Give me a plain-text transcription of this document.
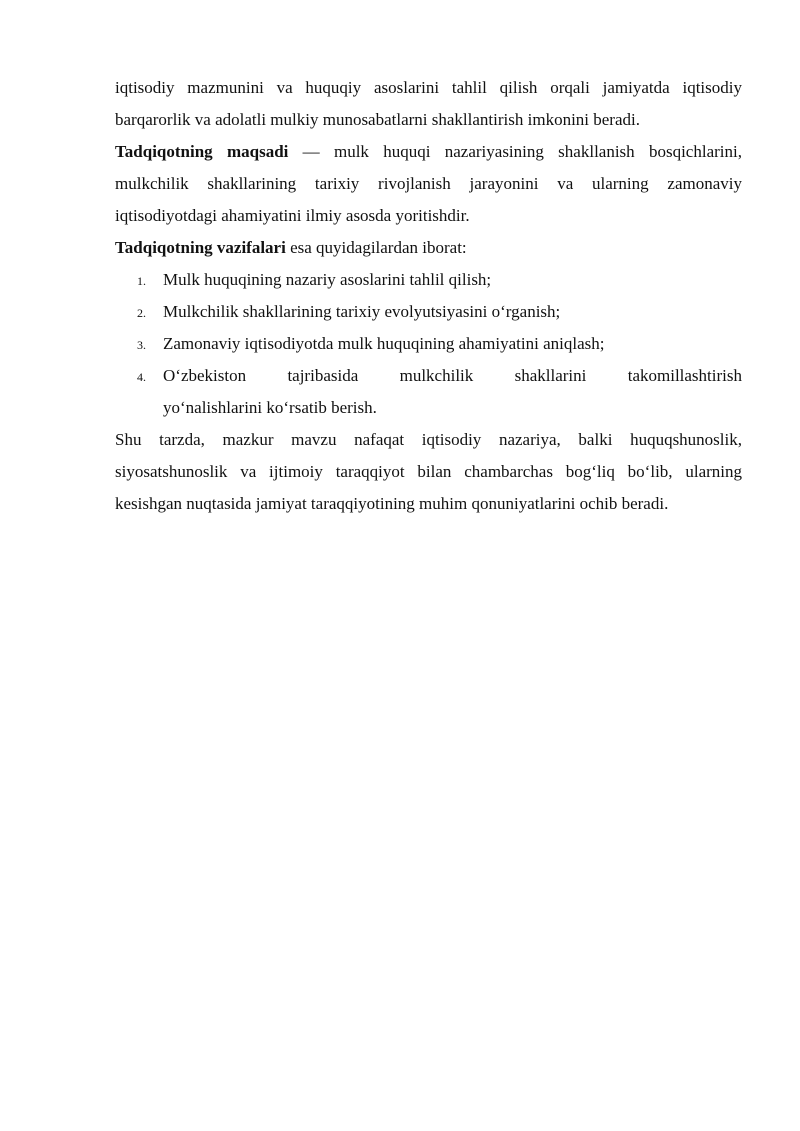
iqtisodiy mazmunini va huquqiy asoslarini tahlil qilish orqali jamiyatda iqtisodiy barqarorlik va adolatli mulkiy munosabatlarni shakllantirish imkonini beradi.

Tadqiqotning maqsadi — mulk huquqi nazariyasining shakllanish bosqichlarini, mulkchilik shakllarining tarixiy rivojlanish jarayonini va ularning zamonaviy iqtisodiyotdagi ahamiyatini ilmiy asosda yoritishdir.

Tadqiqotning vazifalari esa quyidagilardan iborat:

1. Mulk huquqining nazariy asoslarini tahlil qilish;
2. Mulkchilik shakllarining tarixiy evolyutsiyasini o‘rganish;
3. Zamonaviy iqtisodiyotda mulk huquqining ahamiyatini aniqlash;
4. O‘zbekiston tajribasida mulkchilik shakllarini takomillashtirish
yo‘nalishlarini ko‘rsatib berish.

Shu tarzda, mazkur mavzu nafaqat iqtisodiy nazariya, balki huquqshunoslik, siyosatshunoslik va ijtimoiy taraqqiyot bilan chambarchas bog‘liq bo‘lib, ularning kesishgan nuqtasida jamiyat taraqqiyotining muhim qonuniyatlarini ochib beradi.
